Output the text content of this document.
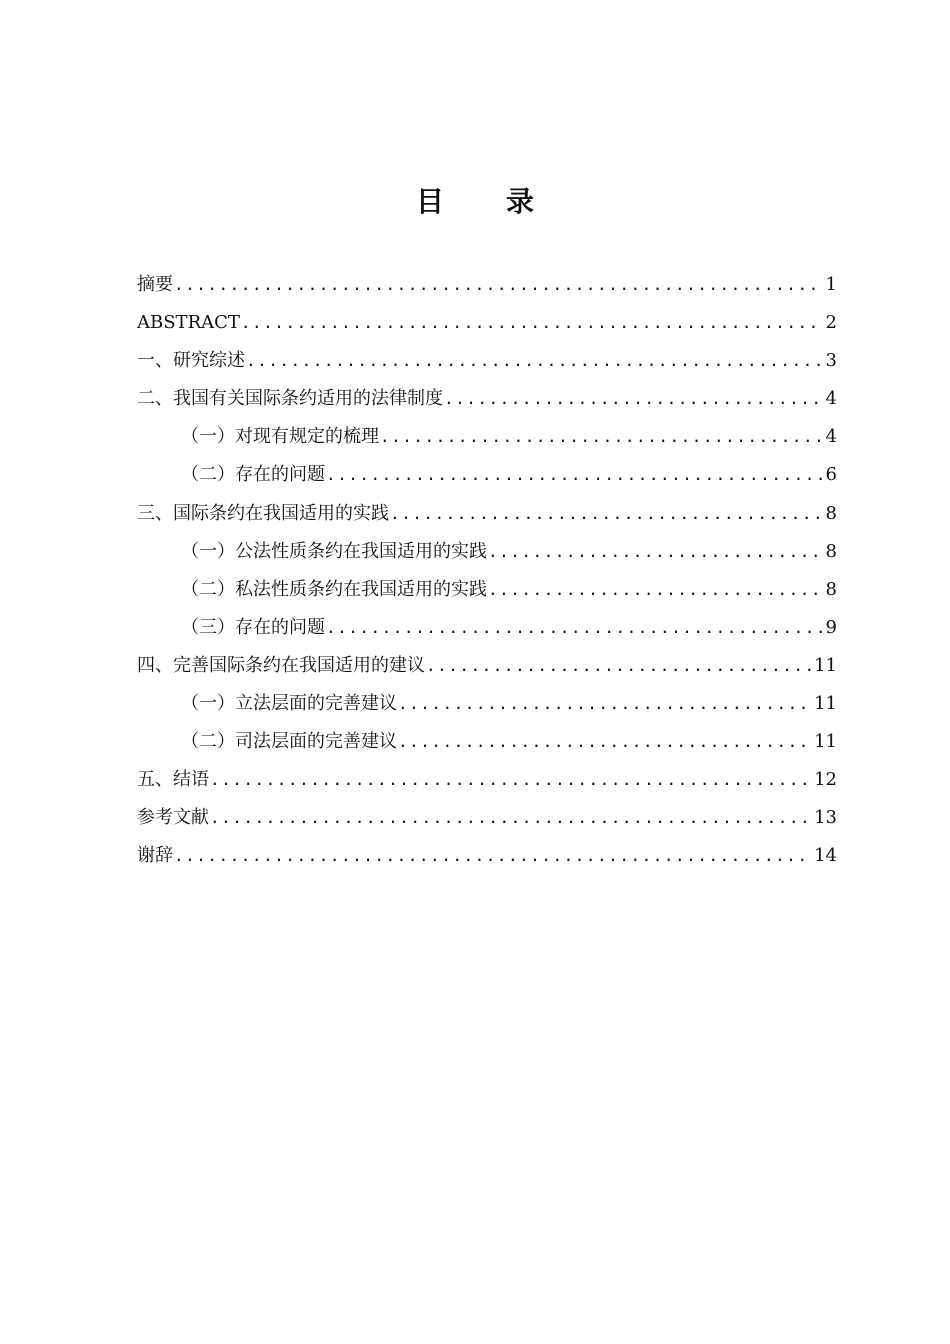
目 录
摘要 .....	1
ABSTRACT .....	2
一、研究综述 .....	3
二、我国有关国际条约适用的法律制度 .....	4
（一）对现有规定的梳理 .....	4
（二）存在的问题 .....	6
三、国际条约在我国适用的实践 .....	8
（一）公法性质条约在我国适用的实践 .....	8
（二）私法性质条约在我国适用的实践 .....	8
（三）存在的问题 .....	9
四、完善国际条约在我国适用的建议 .....	11
（一）立法层面的完善建议 .....	11
（二）司法层面的完善建议 .....	11
五、结语 .....	12
参考文献 .....	13
谢辞 .....	14
